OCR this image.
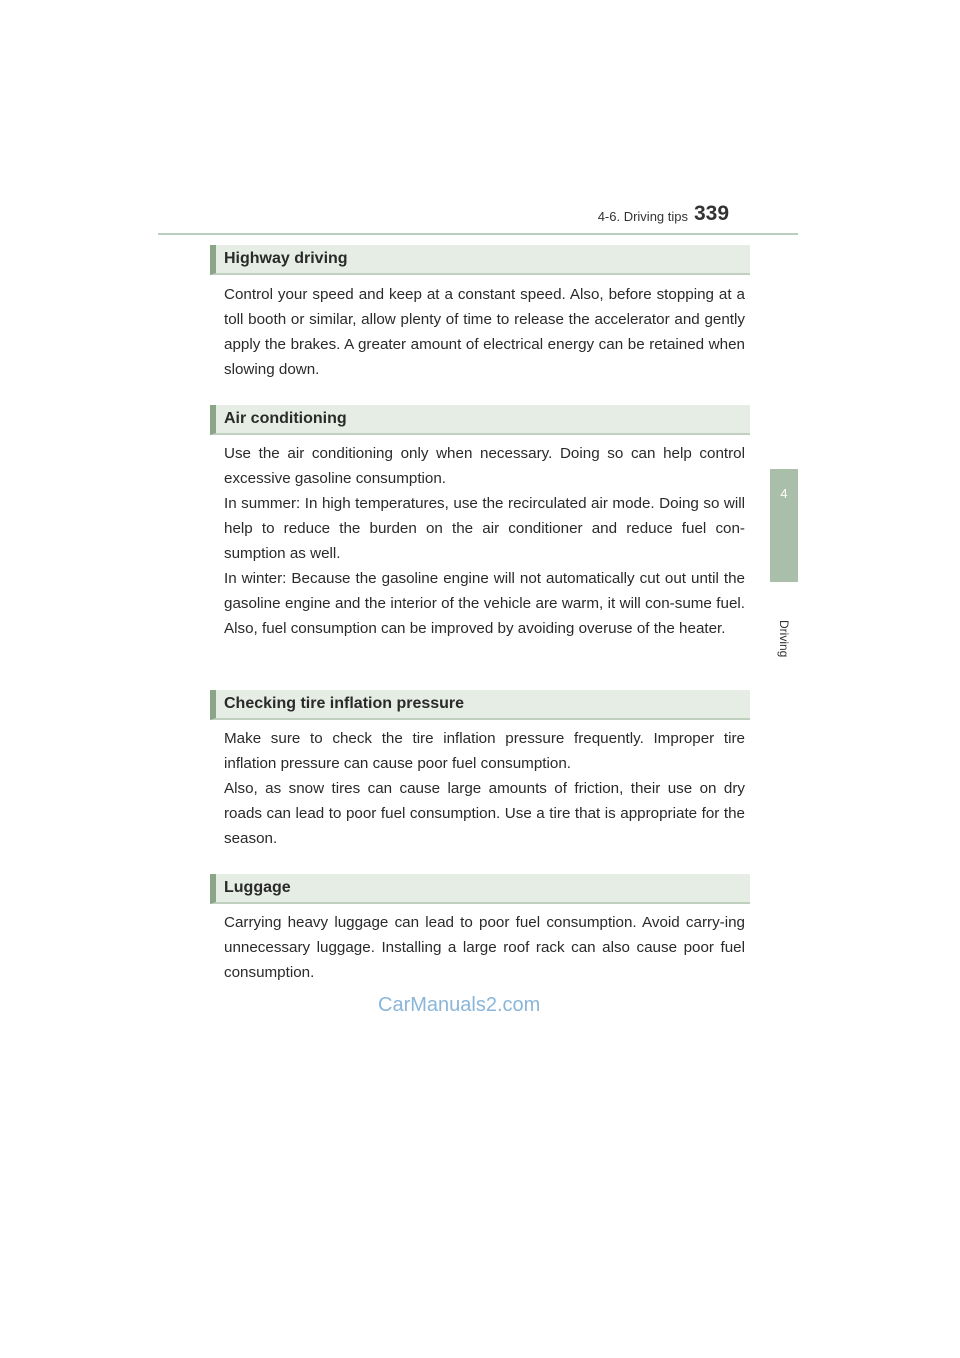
4-6. Driving tips 339
4
Driving
Highway driving

Control your speed and keep at a constant speed. Also, before stopping at a toll booth or similar, allow plenty of time to release the accelerator and gently apply the brakes. A greater amount of electrical energy can be retained when slowing down.

Air conditioning

Use the air conditioning only when necessary. Doing so can help control excessive gasoline consumption.

In summer: In high temperatures, use the recirculated air mode. Doing so will help to reduce the burden on the air conditioner and reduce fuel con-sumption as well.

In winter: Because the gasoline engine will not automatically cut out until the gasoline engine and the interior of the vehicle are warm, it will con-sume fuel. Also, fuel consumption can be improved by avoiding overuse of the heater.

Checking tire inflation pressure

Make sure to check the tire inflation pressure frequently. Improper tire inflation pressure can cause poor fuel consumption.

Also, as snow tires can cause large amounts of friction, their use on dry roads can lead to poor fuel consumption. Use a tire that is appropriate for the season.

Luggage

Carrying heavy luggage can lead to poor fuel consumption. Avoid carry-ing unnecessary luggage. Installing a large roof rack can also cause poor fuel consumption.

CarManuals2.com
